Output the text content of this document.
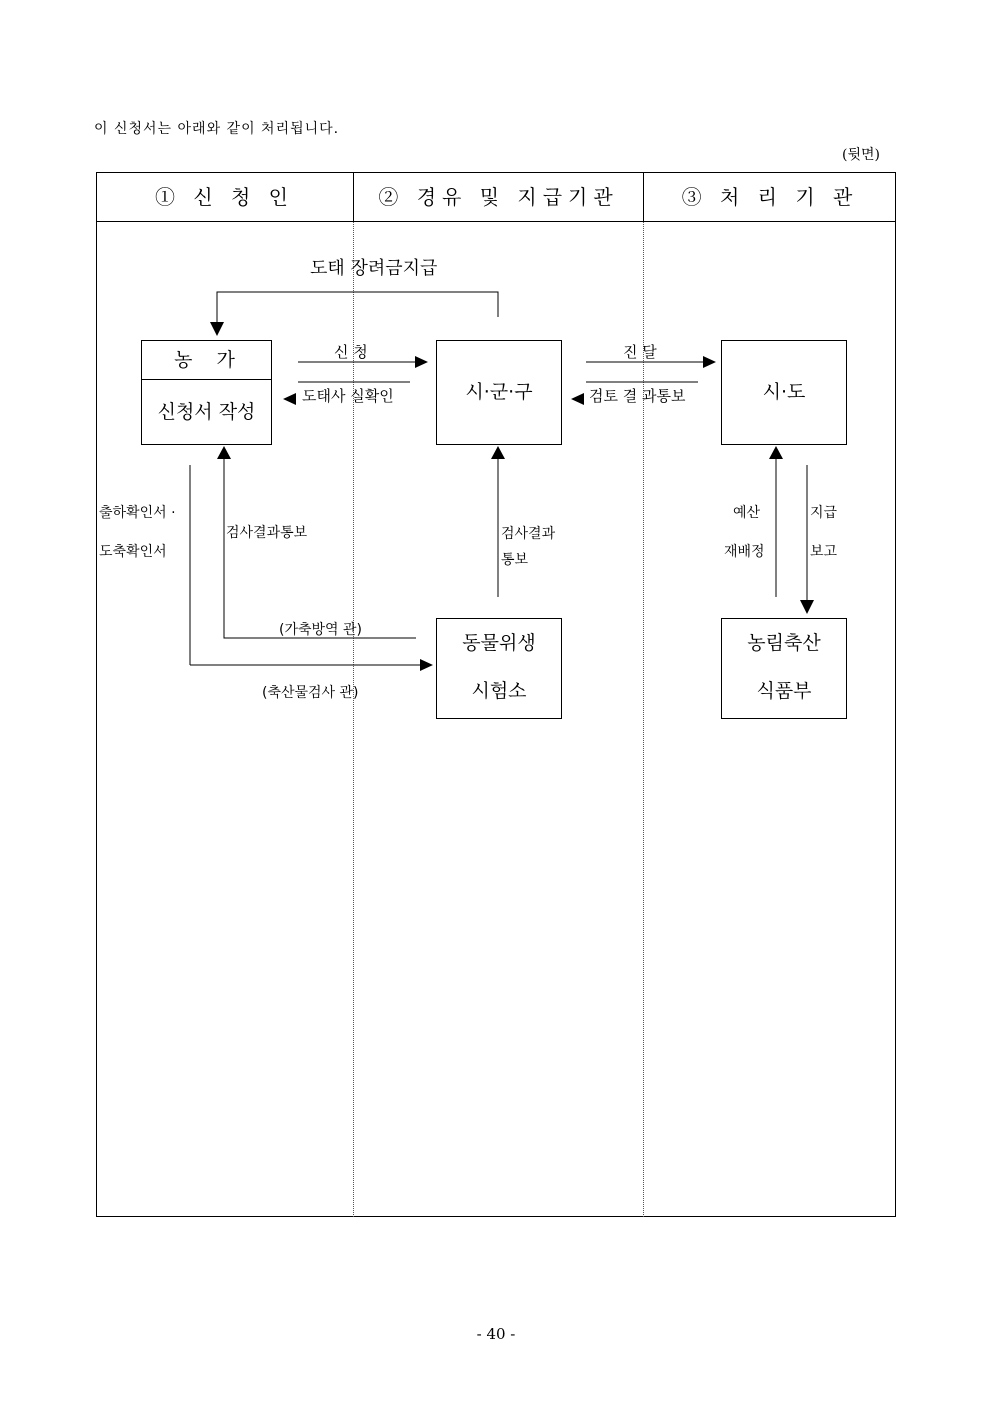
이 신청서는 아래와 같이 처리됩니다.
(뒷면)
① 신 청 인	② 경유 및 지급기관	③ 처 리 기 관
도태 장려금지급
농  가
신청서 작성
시·군·구	시·도
동물위생
시험소
농림축산
식품부
신 청
도태사 실확인
진 달
검토 결 과통보
출하확인서 ·
도축확인서
검사결과통보	검사결과
통보
예산
재배정
지급
보고
(가축방역 관)
(축산물검사 관)
- 40 -
